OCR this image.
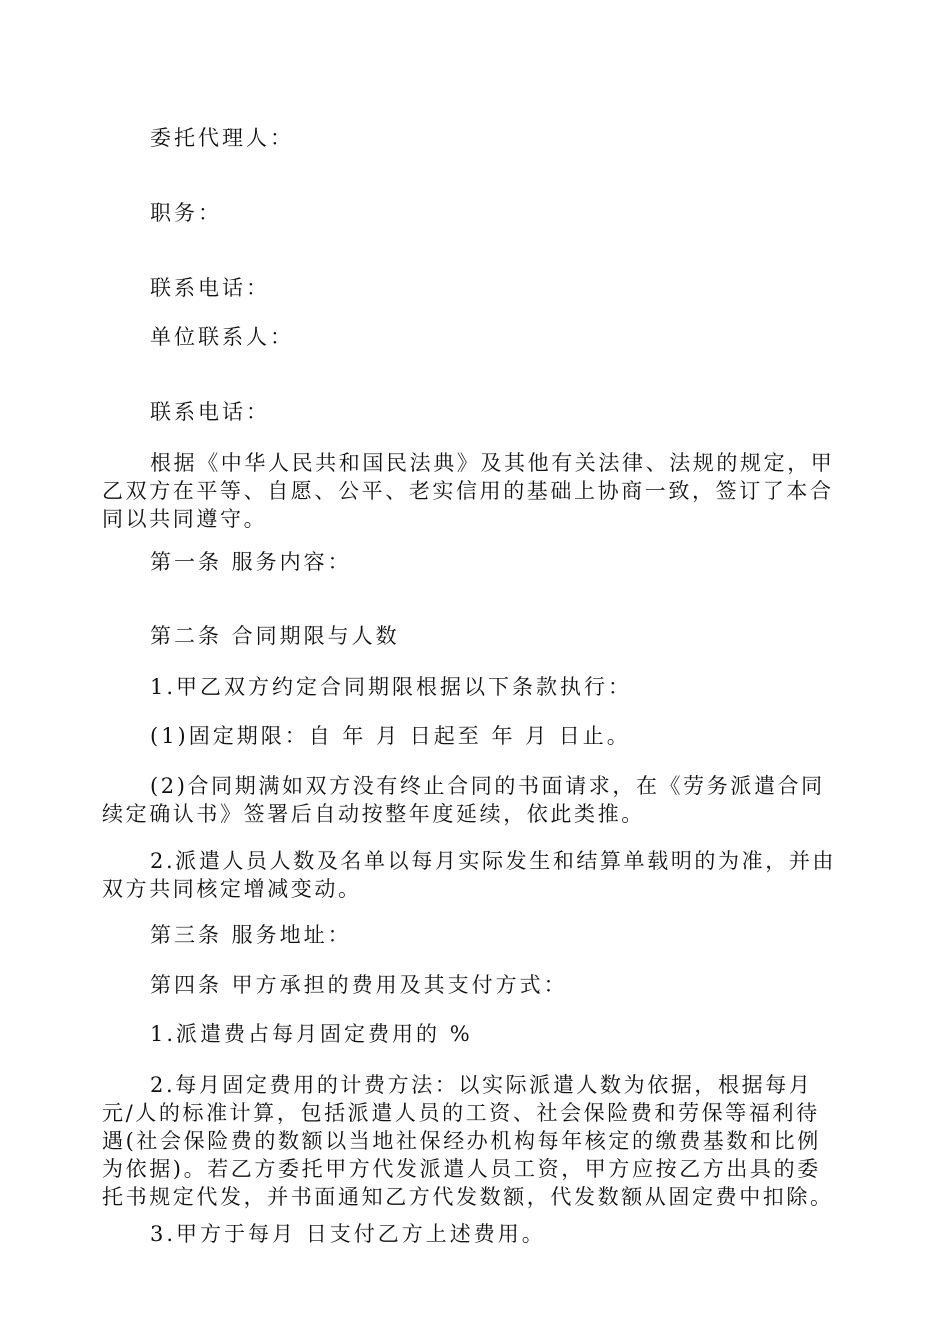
委托代理人：
职务：
联系电话：
单位联系人：
联系电话：
根据《中华人民共和国民法典》及其他有关法律、法规的规定，甲
乙双方在平等、自愿、公平、老实信用的基础上协商一致，签订了本合
同以共同遵守。
第一条 服务内容：
第二条 合同期限与人数
1.甲乙双方约定合同期限根据以下条款执行：
(1)固定期限：自 年 月 日起至 年 月 日止。
(2)合同期满如双方没有终止合同的书面请求，在《劳务派遣合同
续定确认书》签署后自动按整年度延续，依此类推。
2.派遣人员人数及名单以每月实际发生和结算单载明的为准，并由
双方共同核定增减变动。
第三条 服务地址：
第四条 甲方承担的费用及其支付方式：
1.派遣费占每月固定费用的 %
2.每月固定费用的计费方法：以实际派遣人数为依据，根据每月
元/人的标准计算，包括派遣人员的工资、社会保险费和劳保等福利待
遇(社会保险费的数额以当地社保经办机构每年核定的缴费基数和比例
为依据)。若乙方委托甲方代发派遣人员工资，甲方应按乙方出具的委
托书规定代发，并书面通知乙方代发数额，代发数额从固定费中扣除。
3.甲方于每月 日支付乙方上述费用。
